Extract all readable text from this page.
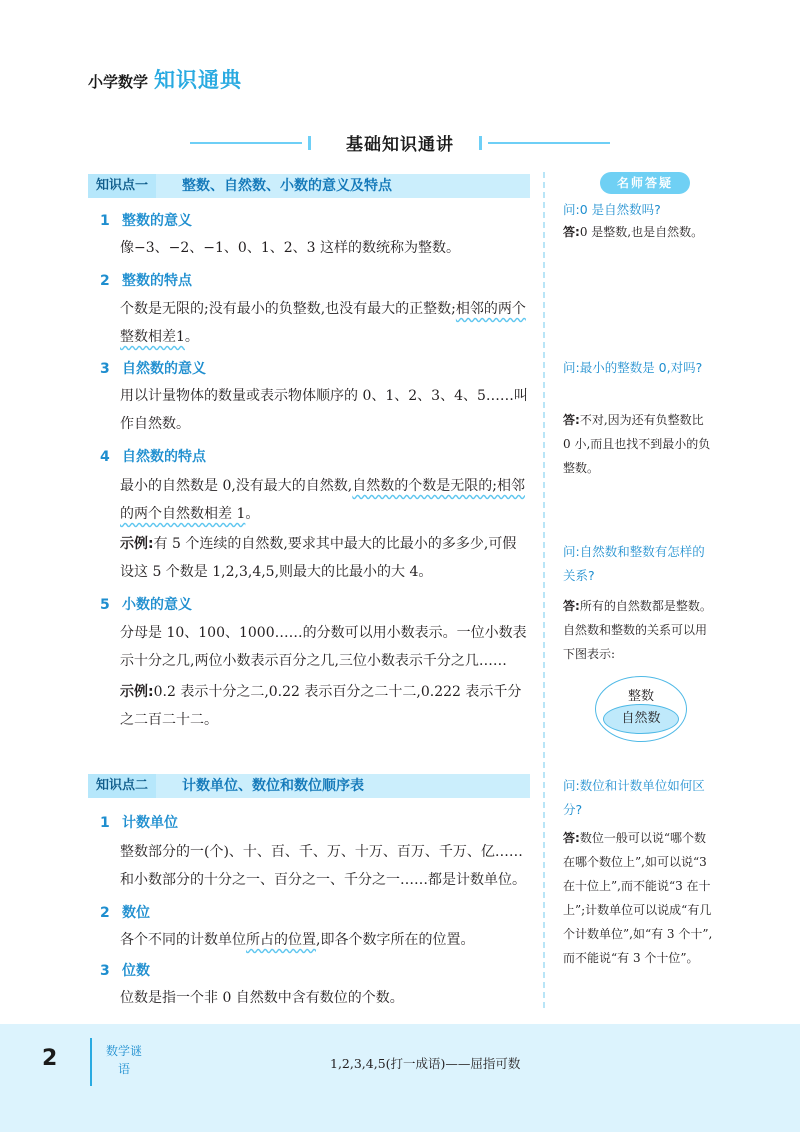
小学数学 知识通典
基础知识通讲
知识点一	整数、自然数、小数的意义及特点
1 整数的意义
像−3、−2、−1、0、1、2、3 这样的数统称为整数。
2 整数的特点
个数是无限的;没有最小的负整数,也没有最大的正整数;相邻的两个整数相差1。
3 自然数的意义
用以计量物体的数量或表示物体顺序的 0、1、2、3、4、5……叫作自然数。
4 自然数的特点
最小的自然数是 0,没有最大的自然数,自然数的个数是无限的;相邻的两个自然数相差 1。
示例:有 5 个连续的自然数,要求其中最大的比最小的多多少,可假设这 5 个数是 1,2,3,4,5,则最大的比最小的大 4。
5 小数的意义
分母是 10、100、1000……的分数可以用小数表示。一位小数表示十分之几,两位小数表示百分之几,三位小数表示千分之几……
示例:0.2 表示十分之二,0.22 表示百分之二十二,0.222 表示千分之二百二十二。
知识点二	计数单位、数位和数位顺序表
1 计数单位
整数部分的一(个)、十、百、千、万、十万、百万、千万、亿……和小数部分的十分之一、百分之一、千分之一……都是计数单位。
2 数位
各个不同的计数单位所占的位置,即各个数字所在的位置。
3 位数
位数是指一个非 0 自然数中含有数位的个数。
名师答疑
问:0 是自然数吗?
答:0 是整数,也是自然数。
问:最小的整数是 0,对吗?
答:不对,因为还有负整数比 0 小,而且也找不到最小的负整数。
问:自然数和整数有怎样的关系?
答:所有的自然数都是整数。自然数和整数的关系可以用下图表示:
整数
自然数
问:数位和计数单位如何区分?
答:数位一般可以说“哪个数在哪个数位上”,如可以说“3 在十位上”,而不能说“3 在十上”;计数单位可以说成“有几个计数单位”,如“有 3 个十”,而不能说“有 3 个十位”。
2	数学谜语	1,2,3,4,5(打一成语)——屈指可数
